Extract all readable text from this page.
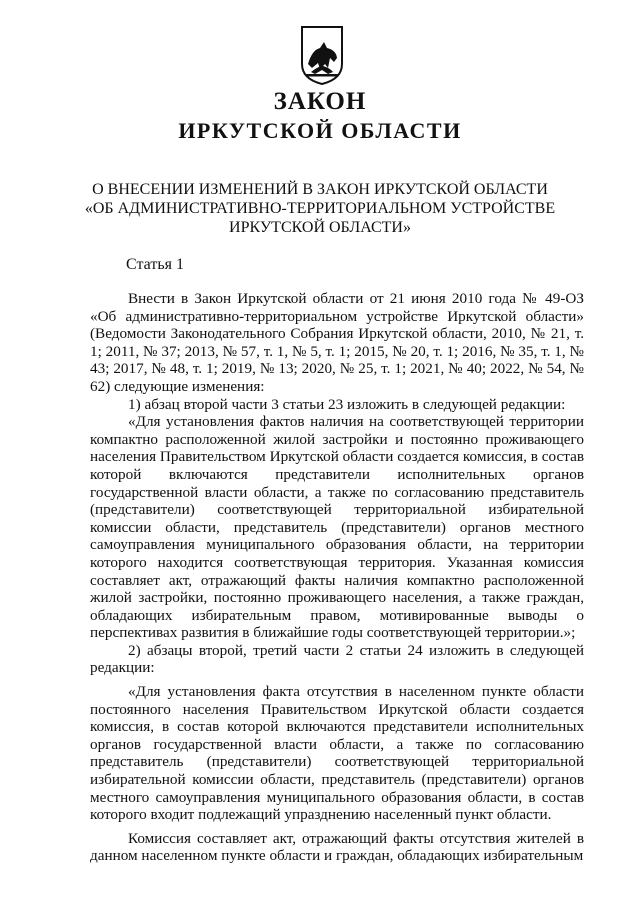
ЗАКОН
ИРКУТСКОЙ ОБЛАСТИ
О ВНЕСЕНИИ ИЗМЕНЕНИЙ В ЗАКОН ИРКУТСКОЙ ОБЛАСТИ
«ОБ АДМИНИСТРАТИВНО-ТЕРРИТОРИАЛЬНОМ УСТРОЙСТВЕ
ИРКУТСКОЙ ОБЛАСТИ»
Статья 1

Внести в Закон Иркутской области от 21 июня 2010 года № 49-ОЗ «Об административно-территориальном устройстве Иркутской области» (Ведомости Законодательного Собрания Иркутской области, 2010, № 21, т. 1; 2011, № 37; 2013, № 57, т. 1, № 5, т. 1; 2015, № 20, т. 1; 2016, № 35, т. 1, № 43; 2017, № 48, т. 1; 2019, № 13; 2020, № 25, т. 1; 2021, № 40; 2022, № 54, № 62) следующие изменения:

1) абзац второй части 3 статьи 23 изложить в следующей редакции:

«Для установления фактов наличия на соответствующей территории компактно расположенной жилой застройки и постоянно проживающего населения Правительством Иркутской области создается комиссия, в состав которой включаются представители исполнительных органов государственной власти области, а также по согласованию представитель (представители) соответствующей территориальной избирательной комиссии области, представитель (представители) органов местного самоуправления муниципального образования области, на территории которого находится соответствующая территория. Указанная комиссия составляет акт, отражающий факты наличия компактно расположенной жилой застройки, постоянно проживающего населения, а также граждан, обладающих избирательным правом, мотивированные выводы о перспективах развития в ближайшие годы соответствующей территории.»;

2) абзацы второй, третий части 2 статьи 24 изложить в следующей редакции:

«Для установления факта отсутствия в населенном пункте области постоянного населения Правительством Иркутской области создается комиссия, в состав которой включаются представители исполнительных органов государственной власти области, а также по согласованию представитель (представители) соответствующей территориальной избирательной комиссии области, представитель (представители) органов местного самоуправления муниципального образования области, в состав которого входит подлежащий упразднению населенный пункт области.

Комиссия составляет акт, отражающий факты отсутствия жителей в данном населенном пункте области и граждан, обладающих избирательным
